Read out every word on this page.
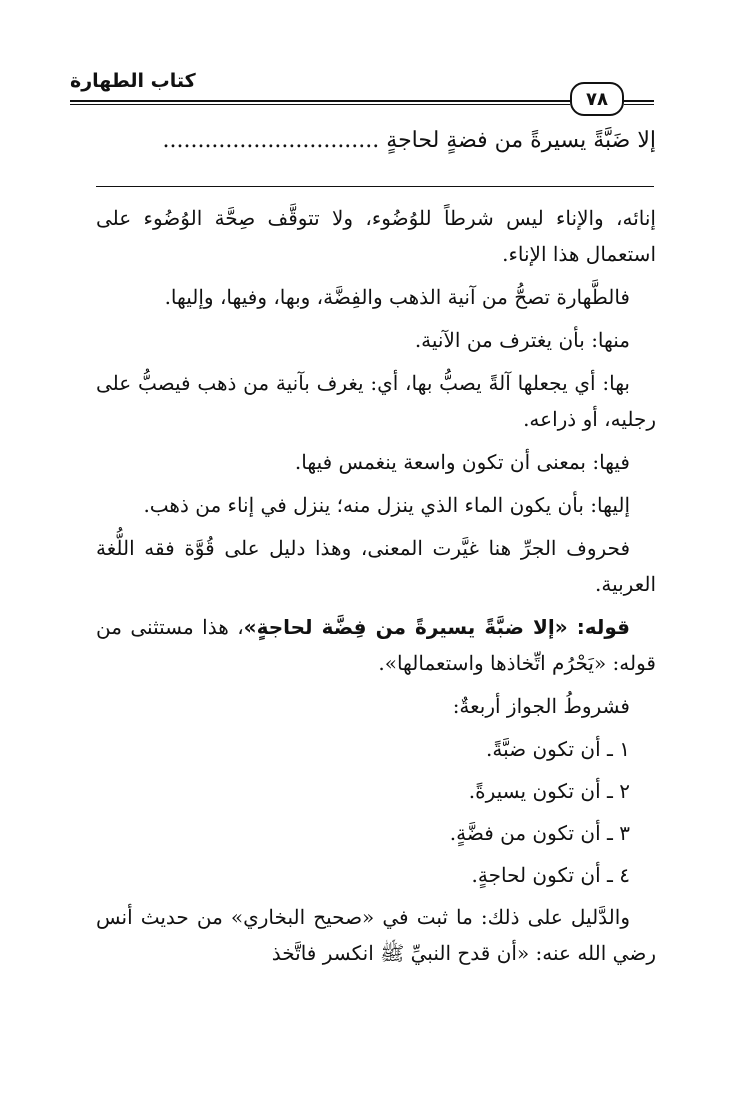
كتاب الطهارة
٧٨
إلا ضَبَّةً يسيرةً من فضةٍ لحاجةٍ ...............................

إنائه، والإناء ليس شرطاً للوُضُوء، ولا تتوقَّف صِحَّة الوُضُوء على استعمال هذا الإناء.

فالطَّهارة تصحُّ من آنية الذهب والفِضَّة، وبها، وفيها، وإليها.

منها: بأن يغترف من الآنية.

بها: أي يجعلها آلةً يصبُّ بها، أي: يغرف بآنية من ذهب فيصبُّ على رجليه، أو ذراعه.

فيها: بمعنى أن تكون واسعة ينغمس فيها.

إليها: بأن يكون الماء الذي ينزل منه؛ ينزل في إناء من ذهب.

فحروف الجرِّ هنا غيَّرت المعنى، وهذا دليل على قُوَّة فقه اللُّغة العربية.

قوله: «إلا ضبَّةً يسيرةً من فِضَّة لحاجةٍ»، هذا مستثنى من قوله: «يَحْرُم اتِّخاذها واستعمالها».

فشروطُ الجواز أربعةٌ:

١ ـ أن تكون ضبَّةً.

٢ ـ أن تكون يسيرةً.

٣ ـ أن تكون من فضَّةٍ.

٤ ـ أن تكون لحاجةٍ.

والدَّليل على ذلك: ما ثبت في «صحيح البخاري» من حديث أنس رضي الله عنه: «أن قدح النبيِّ ﷺ انكسر فاتَّخذ
